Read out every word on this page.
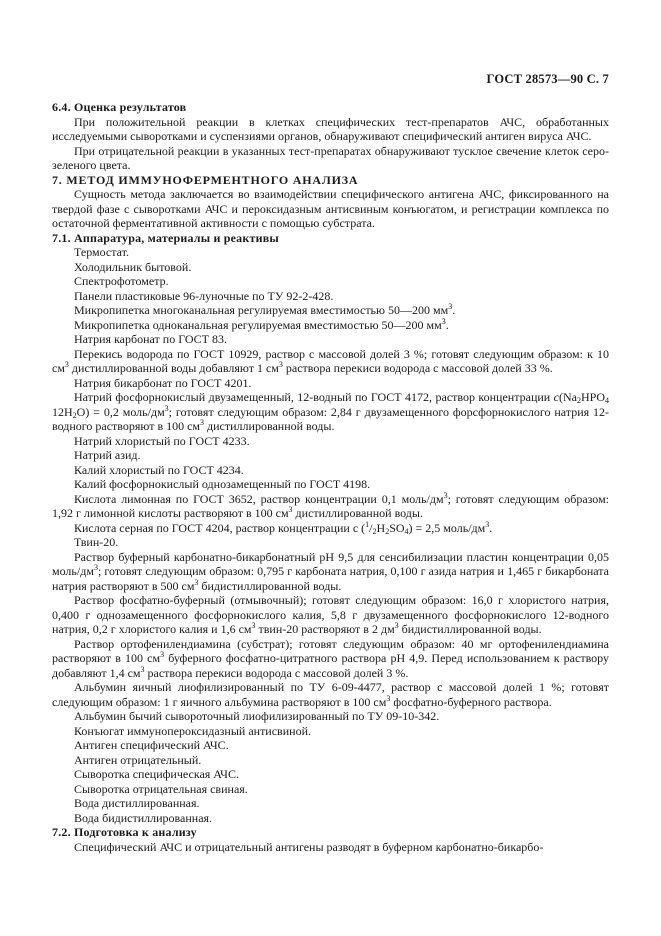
ГОСТ 28573—90 С. 7

6.4. Оценка результатов

При положительной реакции в клетках специфических тест-препаратов АЧС, обработанных исследуемыми сыворотками и суспензиями органов, обнаруживают специфический антиген вируса АЧС.

При отрицательной реакции в указанных тест-препаратах обнаруживают тусклое свечение клеток серо-зеленого цвета.

7. МЕТОД ИММУНОФЕРМЕНТНОГО АНАЛИЗА

Сущность метода заключается во взаимодействии специфического антигена АЧС, фиксированного на твердой фазе с сыворотками АЧС и пероксидазным антисвиным конъюгатом, и регистрации комплекса по остаточной ферментативной активности с помощью субстрата.

7.1. Аппаратура, материалы и реактивы

Термостат.

Холодильник бытовой.

Спектрофотометр.

Панели пластиковые 96-луночные по ТУ 92-2-428.

Микропипетка многоканальная регулируемая вместимостью 50—200 $мм^3$.

Микропипетка одноканальная регулируемая вместимостью 50—200 $мм^3$.

Натрия карбонат по ГОСТ 83.

Перекись водорода по ГОСТ 10929, раствор с массовой долей 3 %; готовят следующим образом: к 10 $см^3$ дистиллированной воды добавляют 1 $см^3$ раствора перекиси водорода с массовой долей 33 %.

Натрия бикарбонат по ГОСТ 4201.

Натрий фосфорнокислый двузамещенный, 12-водный по ГОСТ 4172, раствор концентрации $c(Na_2HPO_4$ $12H_2O) = 0,2$ моль/$дм^3$; готовят следующим образом: 2,84 г двузамещенного форсфорнокислого натрия 12-водного растворяют в 100 $см^3$ дистиллированной воды.

Натрий хлористый по ГОСТ 4233.

Натрий азид.

Калий хлористый по ГОСТ 4234.

Калий фосфорнокислый однозамещенный по ГОСТ 4198.

Кислота лимонная по ГОСТ 3652, раствор концентрации 0,1 моль/$дм^3$; готовят следующим образом: 1,92 г лимонной кислоты растворяют в 100 $см^3$ дистиллированной воды.

Кислота серная по ГОСТ 4204, раствор концентрации с $(^1/_2H_2SO_4) = 2,5$ моль/$дм^3$.

Твин-20.

Раствор буферный карбонатно-бикарбонатный рН 9,5 для сенсибилизации пластин концентрации 0,05 моль/$дм^3$; готовят следующим образом: 0,795 г карбоната натрия, 0,100 г азида натрия и 1,465 г бикарбоната натрия растворяют в 500 $см^3$ бидистиллированной воды.

Раствор фосфатно-буферный (отмывочный); готовят следующим образом: 16,0 г хлористого натрия, 0,400 г однозамещенного фосфорнокислого калия, 5,8 г двузамещенного фосфорнокислого 12-водного натрия, 0,2 г хлористого калия и 1,6 $см^3$ твин-20 растворяют в 2 $дм^3$ бидистиллированной воды.

Раствор ортофенилендиамина (субстрат); готовят следующим образом: 40 мг ортофенилендиамина растворяют в 100 $см^3$ буферного фосфатно-цитратного раствора рН 4,9. Перед использованием к раствору добавляют 1,4 $см^3$ раствора перекиси водорода с массовой долей 3 %.

Альбумин яичный лиофилизированный по ТУ 6-09-4477, раствор с массовой долей 1 %; готовят следующим образом: 1 г яичного альбумина растворяют в 100 $см^3$ фосфатно-буферного раствора.

Альбумин бычий сывороточный лиофилизированный по ТУ 09-10-342.

Конъюгат иммунопероксидазный антисвиной.

Антиген специфический АЧС.

Антиген отрицательный.

Сыворотка специфическая АЧС.

Сыворотка отрицательная свиная.

Вода дистиллированная.

Вода бидистиллированная.

7.2. Подготовка к анализу

Специфический АЧС и отрицательный антигены разводят в буферном карбонатно-бикарбо-
